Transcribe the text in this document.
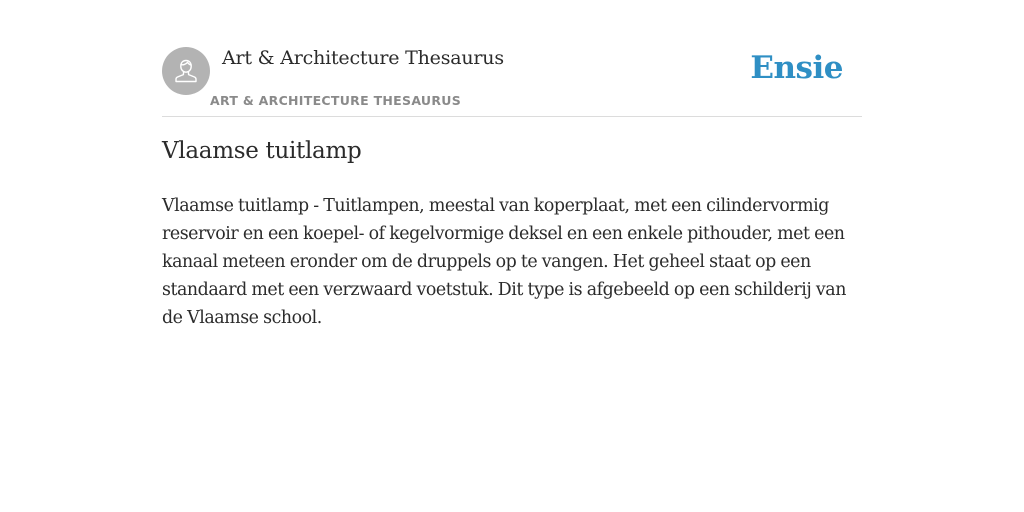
Art & Architecture Thesaurus
ART & ARCHITECTURE THESAURUS
Ensie
Vlaamse tuitlamp

Vlaamse tuitlamp - Tuitlampen, meestal van koperplaat, met een cilindervormig reservoir en een koepel- of kegelvormige deksel en een enkele pithouder, met een kanaal meteen eronder om de druppels op te vangen. Het geheel staat op een standaard met een verzwaard voetstuk. Dit type is afgebeeld op een schilderij van de Vlaamse school.
